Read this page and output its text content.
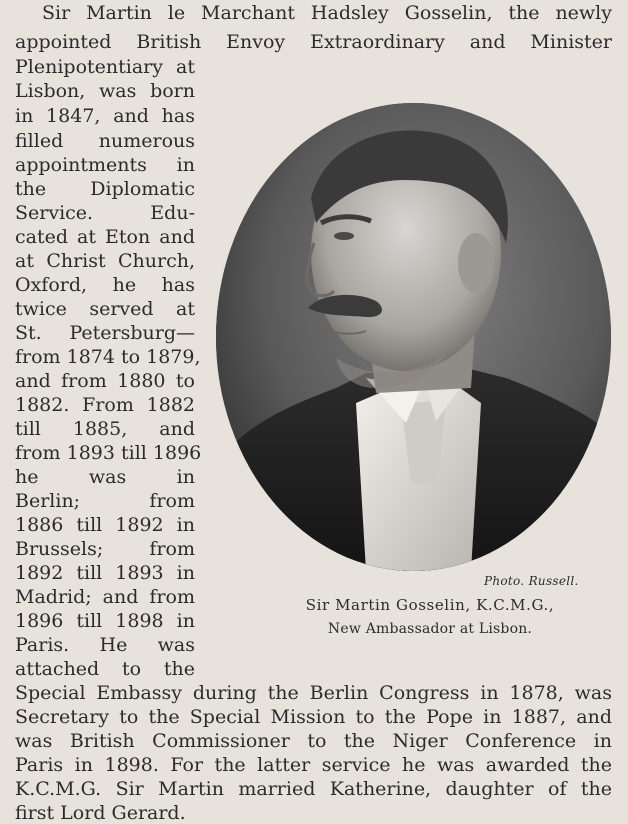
Sir Martin le Marchant Hadsley Gosselin, the newly
appointed British Envoy Extraordinary and Minister
Plenipotentiary at
Lisbon, was born
in 1847, and has
filled numerous
appointments in
the Diplomatic
Service. Edu-
cated at Eton and
at Christ Church,
Oxford, he has
twice served at
St. Petersburg—
from 1874 to 1879,
and from 1880 to
1882. From 1882
till 1885, and
from 1893 till 1896
he was in
Berlin; from
1886 till 1892 in
Brussels; from
1892 till 1893 in
Madrid; and from
1896 till 1898 in
Paris. He was
attached to the
Special Embassy during the Berlin Congress in 1878, was
Secretary to the Special Mission to the Pope in 1887, and
was British Commissioner to the Niger Conference in
Paris in 1898. For the latter service he was awarded the
K.C.M.G. Sir Martin married Katherine, daughter of the
first Lord Gerard.
Photo. Russell.
Sir Martin Gosselin, K.C.M.G.,
New Ambassador at Lisbon.
